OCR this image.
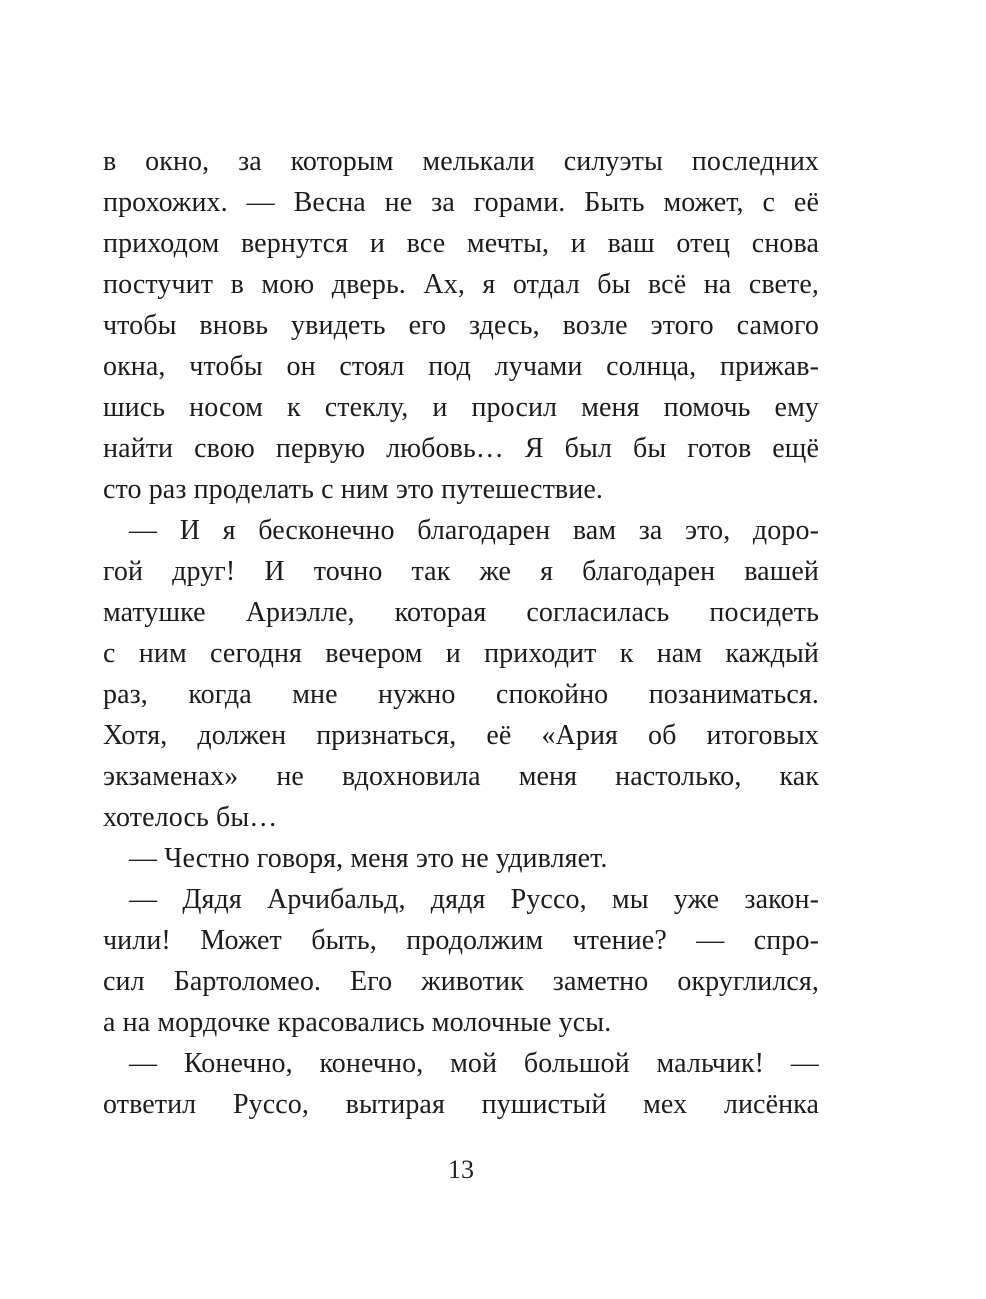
в окно, за которым мелькали силуэты последних
прохожих. — Весна не за горами. Быть может, с её
приходом вернутся и все мечты, и ваш отец снова
постучит в мою дверь. Ах, я отдал бы всё на свете,
чтобы вновь увидеть его здесь, возле этого самого
окна, чтобы он стоял под лучами солнца, прижав-
шись носом к стеклу, и просил меня помочь ему
найти свою первую любовь… Я был бы готов ещё
сто раз проделать с ним это путешествие.
— И я бесконечно благодарен вам за это, доро-
гой друг! И точно так же я благодарен вашей
матушке Ариэлле, которая согласилась посидеть
с ним сегодня вечером и приходит к нам каждый
раз, когда мне нужно спокойно позаниматься.
Хотя, должен признаться, её «Ария об итоговых
экзаменах» не вдохновила меня настолько, как
хотелось бы…
— Честно говоря, меня это не удивляет.
— Дядя Арчибальд, дядя Руссо, мы уже закон-
чили! Может быть, продолжим чтение? — спро-
сил Бартоломео. Его животик заметно округлился,
а на мордочке красовались молочные усы.
— Конечно, конечно, мой большой мальчик! —
ответил Руссо, вытирая пушистый мех лисёнка
13
